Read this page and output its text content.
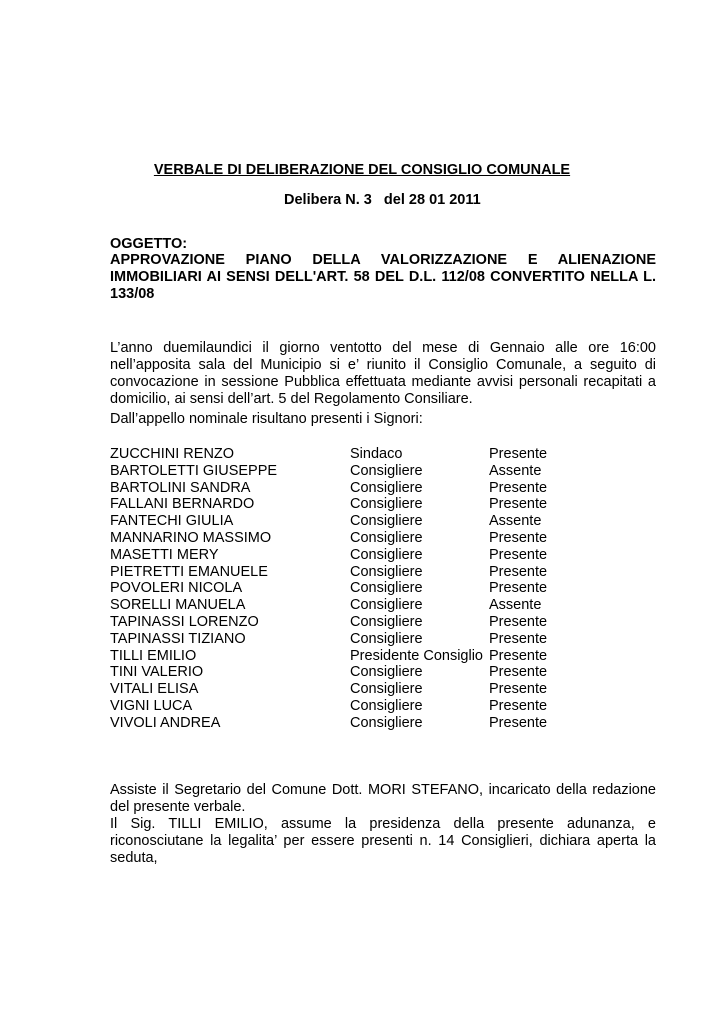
VERBALE DI DELIBERAZIONE DEL CONSIGLIO COMUNALE
Delibera N. 3   del 28 01 2011
OGGETTO:
APPROVAZIONE PIANO DELLA VALORIZZAZIONE E ALIENAZIONE IMMOBILIARI AI SENSI DELL'ART. 58 DEL D.L. 112/08 CONVERTITO NELLA L. 133/08
L’anno duemilaundici il giorno ventotto del mese di Gennaio alle ore 16:00 nell’apposita sala del Municipio si e’ riunito il Consiglio Comunale, a seguito di convocazione in sessione Pubblica effettuata mediante avvisi personali recapitati a domicilio, ai sensi dell’art. 5 del Regolamento Consiliare.
Dall’appello nominale risultano presenti i Signori:
ZUCCHINI RENZO	Sindaco	Presente
BARTOLETTI GIUSEPPE	Consigliere	Assente
BARTOLINI SANDRA	Consigliere	Presente
FALLANI BERNARDO	Consigliere	Presente
FANTECHI GIULIA	Consigliere	Assente
MANNARINO MASSIMO	Consigliere	Presente
MASETTI MERY	Consigliere	Presente
PIETRETTI EMANUELE	Consigliere	Presente
POVOLERI NICOLA	Consigliere	Presente
SORELLI MANUELA	Consigliere	Assente
TAPINASSI LORENZO	Consigliere	Presente
TAPINASSI TIZIANO	Consigliere	Presente
TILLI EMILIO	Presidente Consiglio Presente
TINI VALERIO	Consigliere	Presente
VITALI ELISA	Consigliere	Presente
VIGNI LUCA	Consigliere	Presente
VIVOLI ANDREA	Consigliere	Presente

Assiste il Segretario del Comune Dott. MORI STEFANO, incaricato della redazione del presente verbale.

Il Sig. TILLI EMILIO, assume la presidenza della presente adunanza, e riconosciutane la legalita’ per essere presenti n. 14 Consiglieri, dichiara aperta la seduta,
